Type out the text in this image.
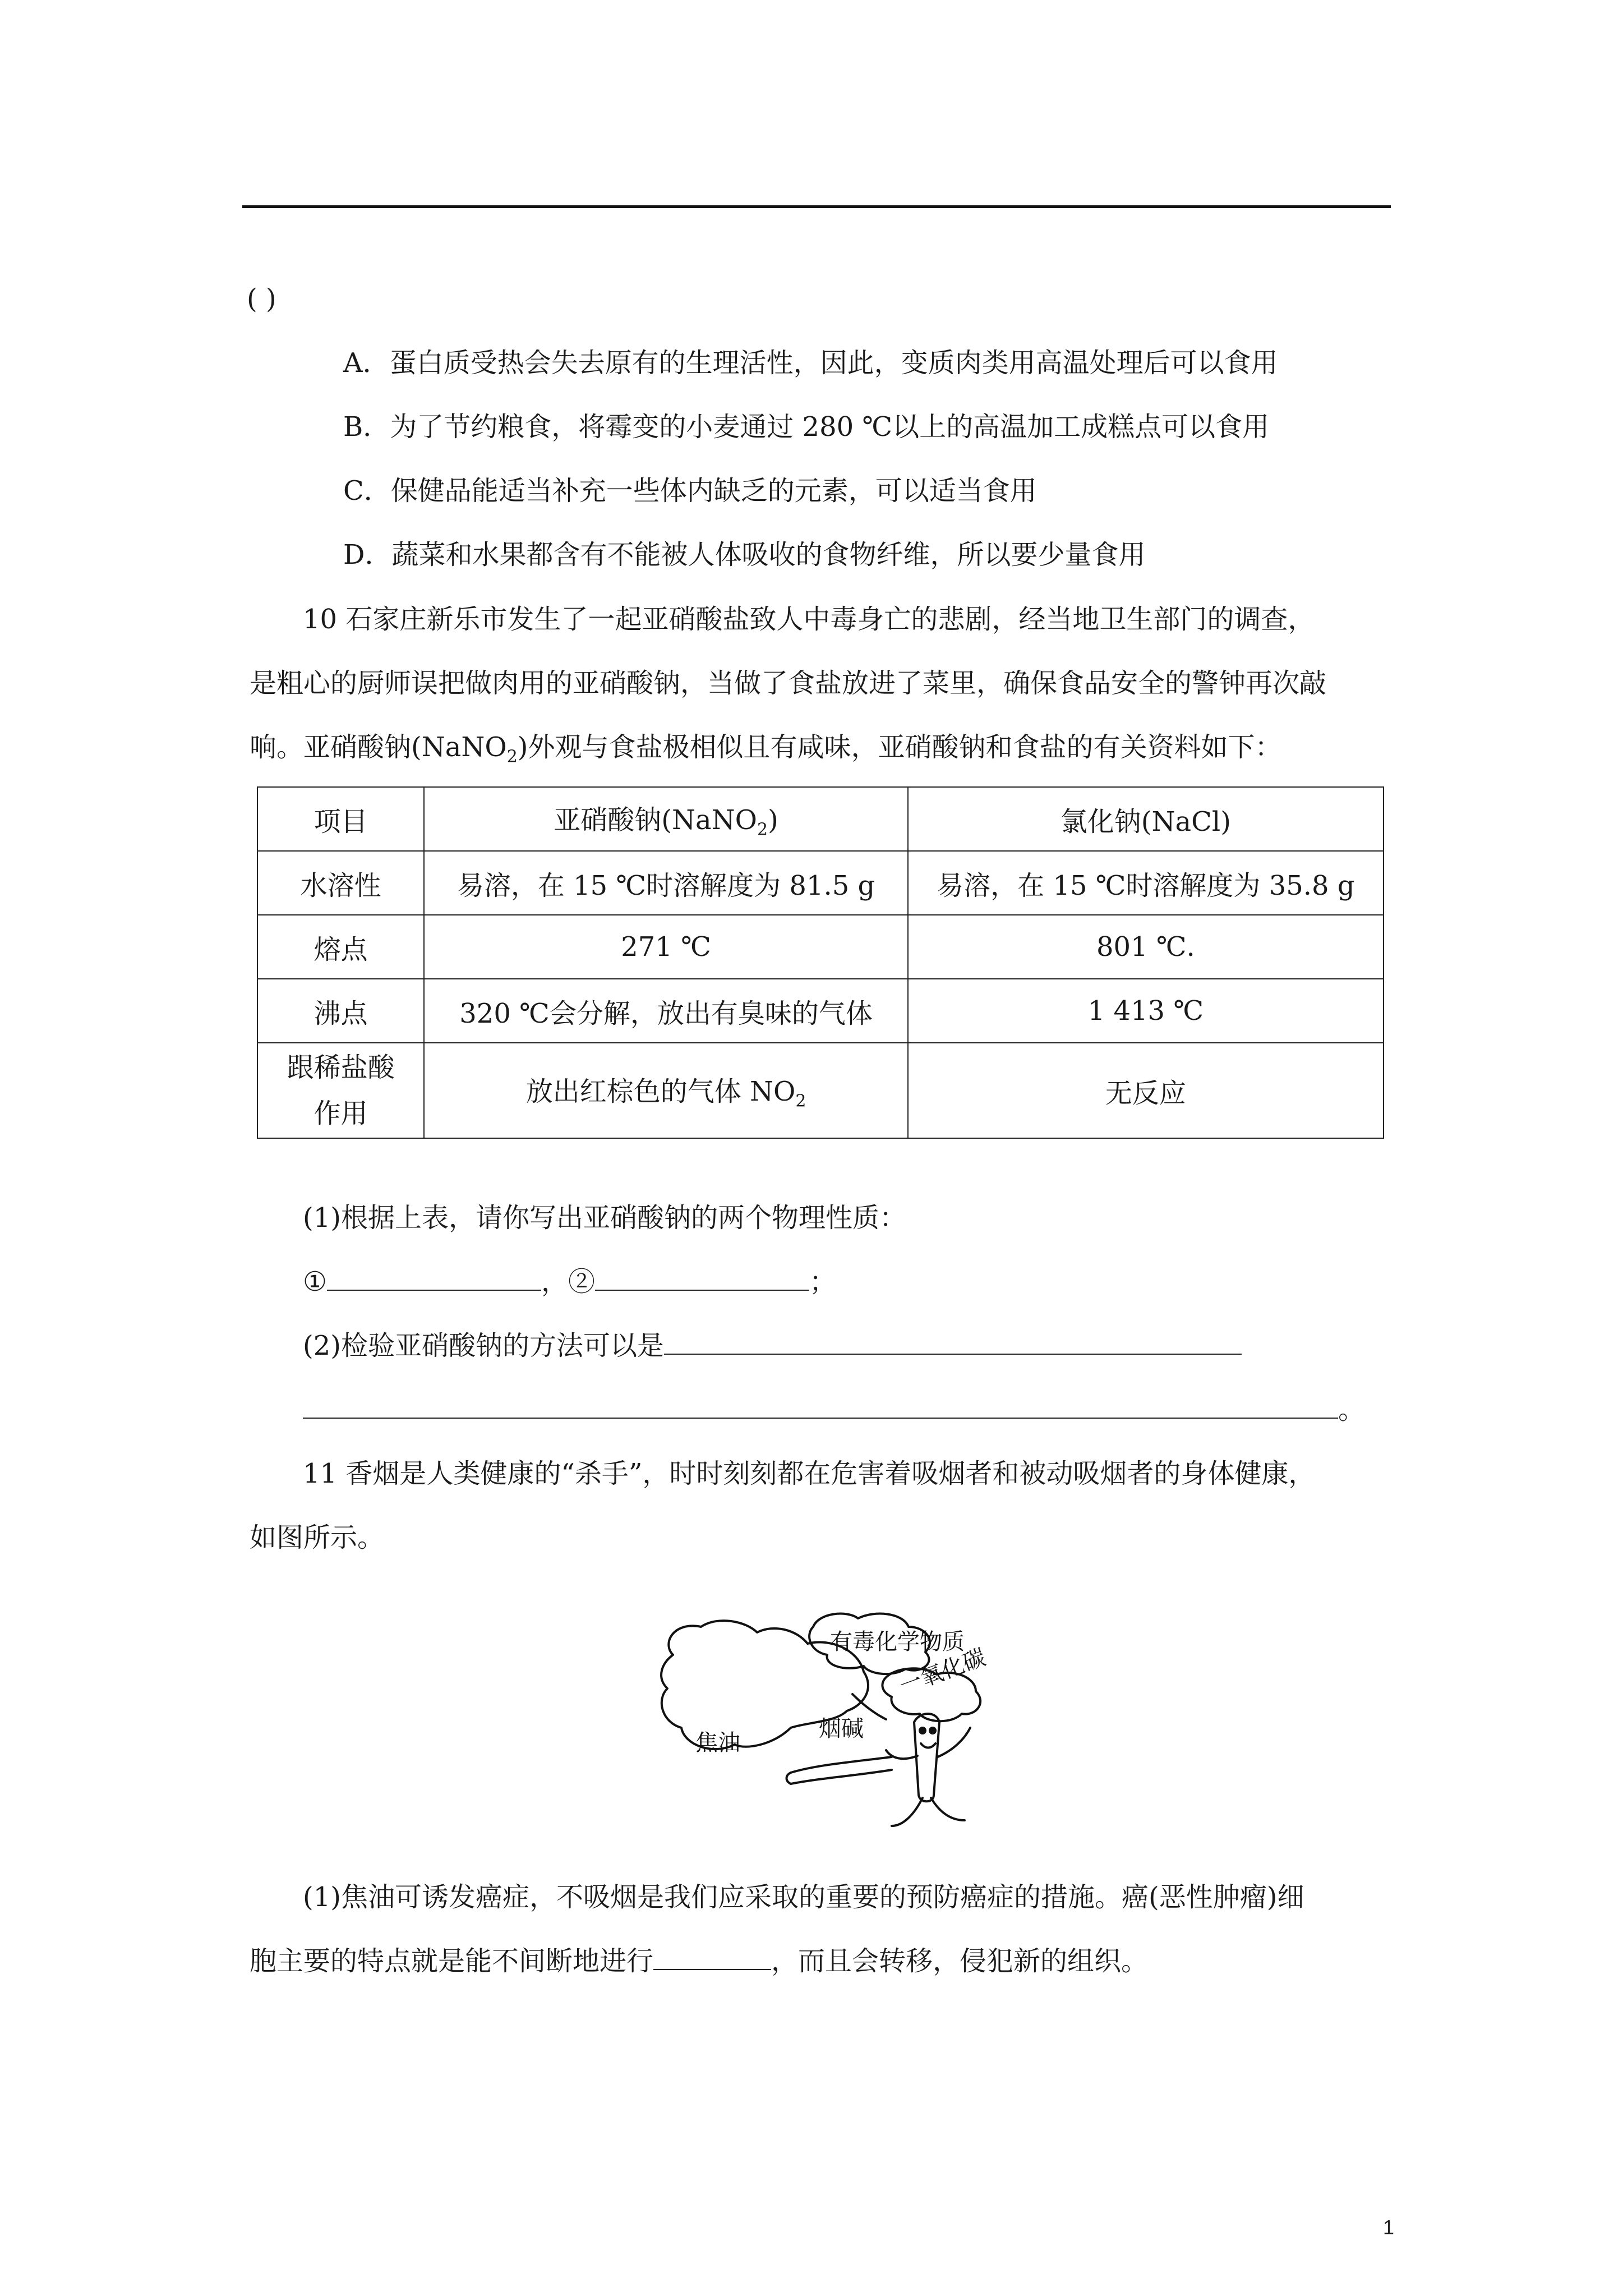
( )
A．蛋白质受热会失去原有的生理活性，因此，变质肉类用高温处理后可以食用
B．为了节约粮食，将霉变的小麦通过 280 ℃以上的高温加工成糕点可以食用
C．保健品能适当补充一些体内缺乏的元素，可以适当食用
D．蔬菜和水果都含有不能被人体吸收的食物纤维，所以要少量食用
10 石家庄新乐市发生了一起亚硝酸盐致人中毒身亡的悲剧，经当地卫生部门的调查，
是粗心的厨师误把做肉用的亚硝酸钠，当做了食盐放进了菜里，确保食品安全的警钟再次敲
响。亚硝酸钠(NaNO$_2$)外观与食盐极相似且有咸味，亚硝酸钠和食盐的有关资料如下：
项目	亚硝酸钠(NaNO$_2$)	氯化钠(NaCl)
水溶性	易溶，在 15 ℃时溶解度为 81.5 g	易溶，在 15 ℃时溶解度为 35.8 g
熔点	271 ℃	801 ℃.
沸点	320 ℃会分解，放出有臭味的气体	1 413 ℃

跟稀盐酸
作用	放出红棕色的气体 $NO_2$	无反应
(1)根据上表，请你写出亚硝酸钠的两个物理性质：
①	，②	；
(2)检验亚硝酸钠的方法可以是
。
11 香烟是人类健康的“杀手”，时时刻刻都在危害着吸烟者和被动吸烟者的身体健康，
如图所示。
有毒化学物质
一氧化碳
焦油
烟碱
(1)焦油可诱发癌症，不吸烟是我们应采取的重要的预防癌症的措施。癌(恶性肿瘤)细
胞主要的特点就是能不间断地进行	，而且会转移，侵犯新的组织。
1
